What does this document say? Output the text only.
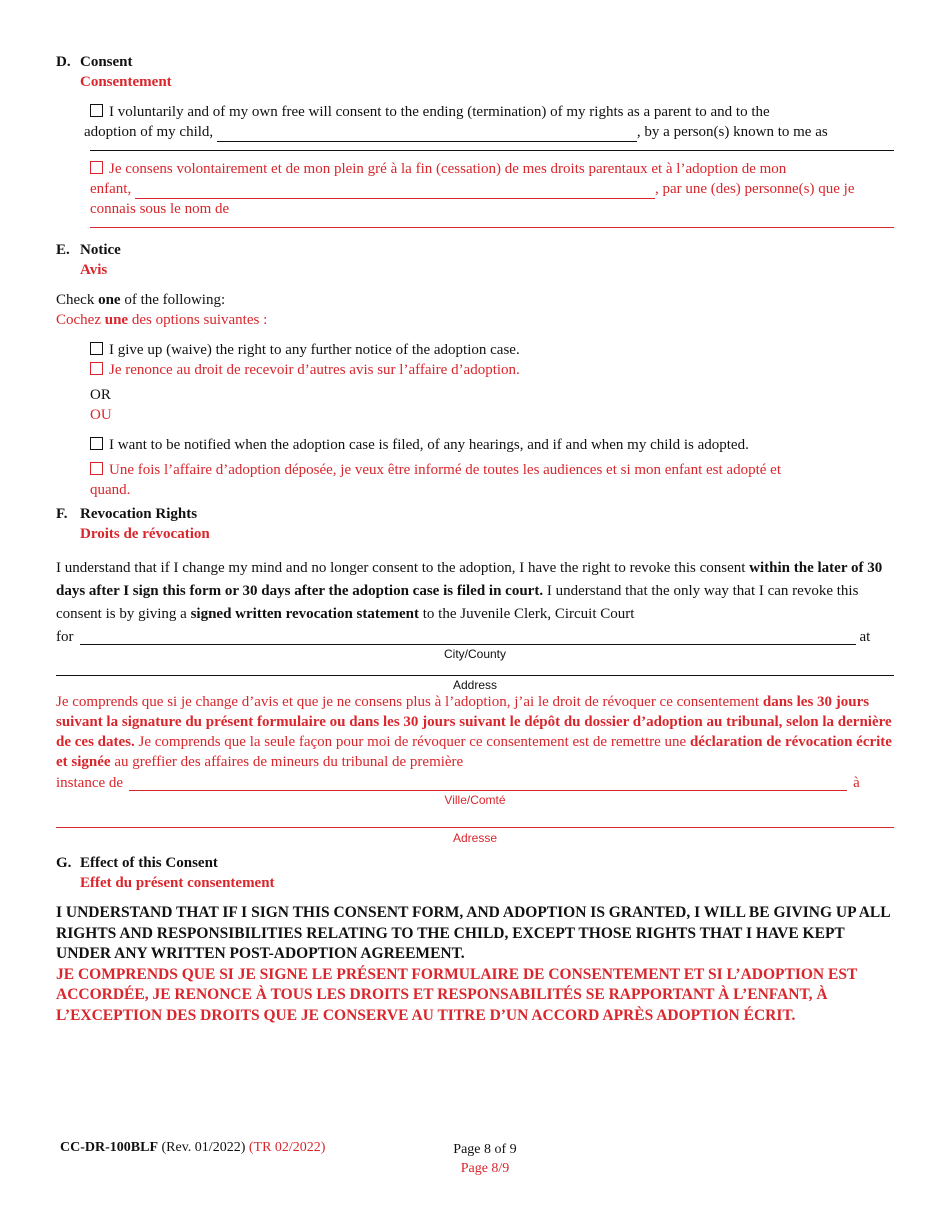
D. Consent
Consentement

I voluntarily and of my own free will consent to the ending (termination) of my rights as a parent to and to the

adoption of my child,	, by a person(s) known to me as

Je consens volontairement et de mon plein gré à la fin (cessation) de mes droits parentaux et à l’adoption de mon

enfant,	, par une (des) personne(s) que je

connais sous le nom de

E. Notice
Avis

Check one of the following:

Cochez une des options suivantes :

I give up (waive) the right to any further notice of the adoption case.

Je renonce au droit de recevoir d’autres avis sur l’affaire d’adoption.

OR

OU

I want to be notified when the adoption case is filed, of any hearings, and if and when my child is adopted.

Une fois l’affaire d’adoption déposée, je veux être informé de toutes les audiences et si mon enfant est adopté et

quand.

F. Revocation Rights
Droits de révocation

I understand that if I change my mind and no longer consent to the adoption, I have the right to revoke this consent within the later of 30 days after I sign this form or 30 days after the adoption case is filed in court. I understand that the only way that I can revoke this consent is by giving a signed written revocation statement to the Juvenile Clerk, Circuit Court

for	at
City/County
Address

Je comprends que si je change d’avis et que je ne consens plus à l’adoption, j’ai le droit de révoquer ce consentement dans les 30 jours suivant la signature du présent formulaire ou dans les 30 jours suivant le dépôt du dossier d’adoption au tribunal, selon la dernière de ces dates. Je comprends que la seule façon pour moi de révoquer ce consentement est de remettre une déclaration de révocation écrite et signée au greffier des affaires de mineurs du tribunal de première

instance de	à
Ville/Comté
Adresse
G. Effect of this Consent
Effet du présent consentement

I UNDERSTAND THAT IF I SIGN THIS CONSENT FORM, AND ADOPTION IS GRANTED, I WILL BE GIVING UP ALL RIGHTS AND RESPONSIBILITIES RELATING TO THE CHILD, EXCEPT THOSE RIGHTS THAT I HAVE KEPT UNDER ANY WRITTEN POST-ADOPTION AGREEMENT.

JE COMPRENDS QUE SI JE SIGNE LE PRÉSENT FORMULAIRE DE CONSENTEMENT ET SI L’ADOPTION EST ACCORDÉE, JE RENONCE À TOUS LES DROITS ET RESPONSABILITÉS SE RAPPORTANT À L’ENFANT, À L’EXCEPTION DES DROITS QUE JE CONSERVE AU TITRE D’UN ACCORD APRÈS ADOPTION ÉCRIT.

CC-DR-100BLF (Rev. 01/2022) (TR 02/2022)	Page 8 of 9
Page 8/9
